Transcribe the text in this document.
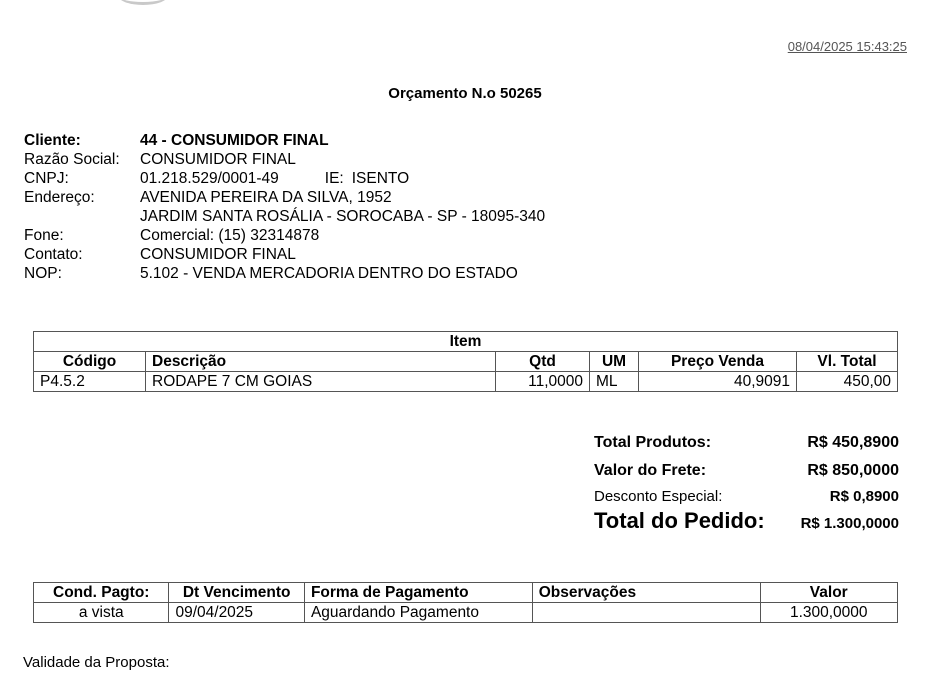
08/04/2025 15:43:25
Orçamento N.o 50265
Cliente:	44 - CONSUMIDOR FINAL
Razão Social:	CONSUMIDOR FINAL
CNPJ:	01.218.529/0001-49	IE: ISENTO
Endereço:	AVENIDA PEREIRA DA SILVA, 1952
JARDIM SANTA ROSÁLIA - SOROCABA - SP - 18095-340
Fone:	Comercial: (15) 32314878
Contato:	CONSUMIDOR FINAL
NOP:	5.102 - VENDA MERCADORIA DENTRO DO ESTADO
Item					
Código	Descrição	Qtd	UM	Preço Venda	Vl. Total
P4.5.2	RODAPE 7 CM GOIAS	11,0000	ML	40,9091	450,00
Total Produtos:	R$ 450,8900
Valor do Frete:	R$ 850,0000
Desconto Especial:	R$ 0,8900
Total do Pedido: R$ 1.300,0000
Cond. Pagto:	Dt Vencimento	Forma de Pagamento	Observações	Valor
a vista	09/04/2025	Aguardando Pagamento		1.300,0000
Validade da Proposta:
